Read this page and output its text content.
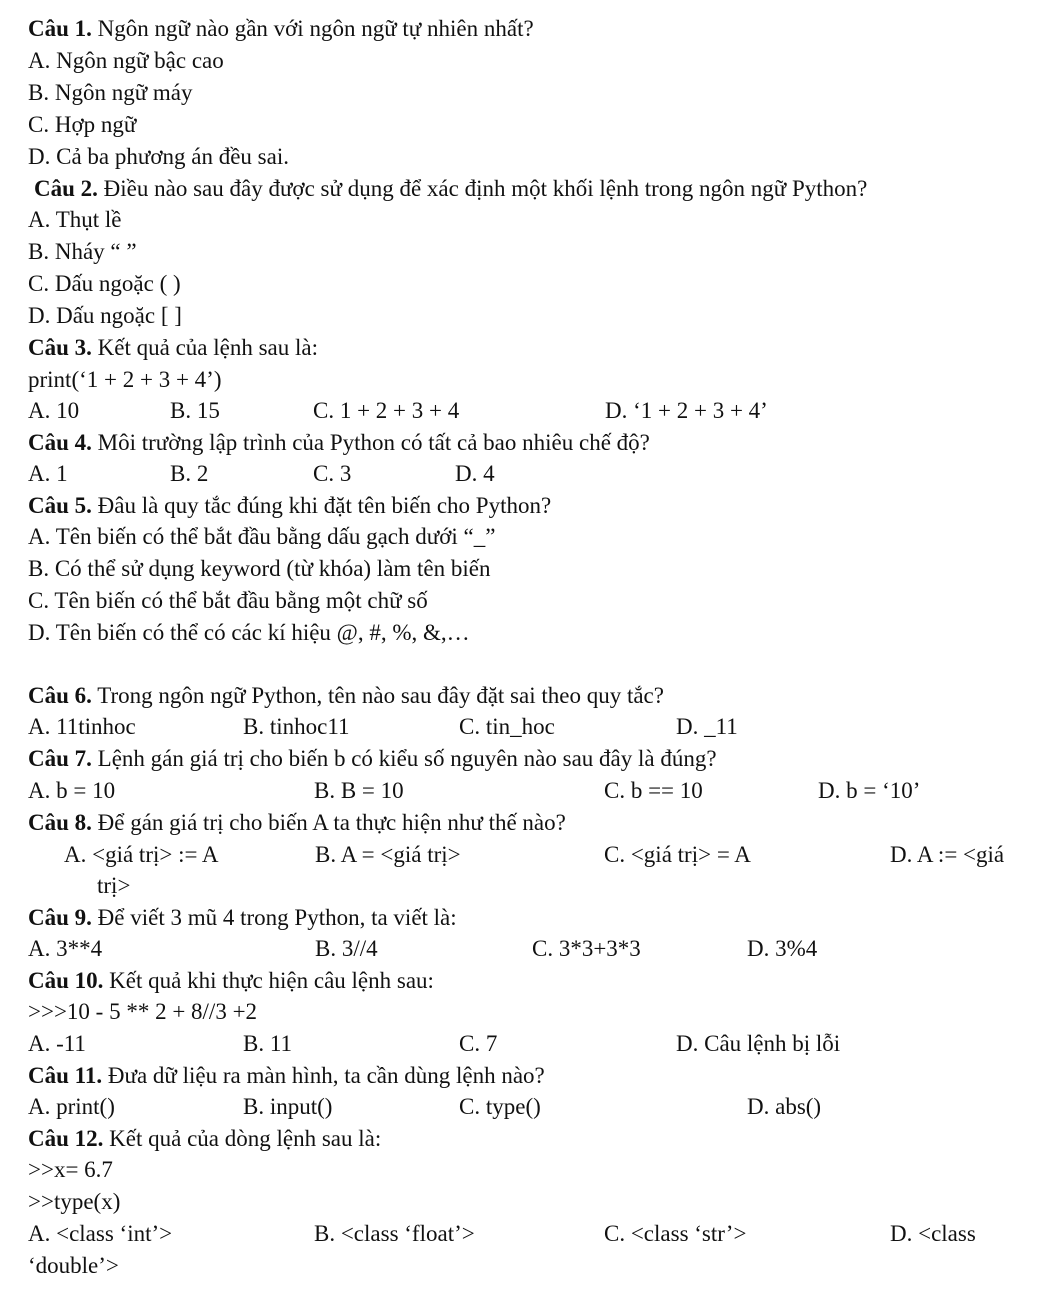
Câu 1. Ngôn ngữ nào gần với ngôn ngữ tự nhiên nhất?
A. Ngôn ngữ bậc cao
B. Ngôn ngữ máy
C. Hợp ngữ
D. Cả ba phương án đều sai.
Câu 2. Điều nào sau đây được sử dụng để xác định một khối lệnh trong ngôn ngữ Python?
A. Thụt lề
B. Nháy “ ”
C. Dấu ngoặc ( )
D. Dấu ngoặc [ ]
Câu 3. Kết quả của lệnh sau là:
print(‘1 + 2 + 3 + 4’)
A. 10	B. 15	C. 1 + 2 + 3 + 4	D. ‘1 + 2 + 3 + 4’
Câu 4. Môi trường lập trình của Python có tất cả bao nhiêu chế độ?
A. 1	B. 2	C. 3	D. 4
Câu 5. Đâu là quy tắc đúng khi đặt tên biến cho Python?
A. Tên biến có thể bắt đầu bằng dấu gạch dưới “_”
B. Có thể sử dụng keyword (từ khóa) làm tên biến
C. Tên biến có thể bắt đầu bằng một chữ số
D. Tên biến có thể có các kí hiệu @, #, %, &,…
Câu 6. Trong ngôn ngữ Python, tên nào sau đây đặt sai theo quy tắc?
A. 11tinhoc	B. tinhoc11	C. tin_hoc	D. _11
Câu 7. Lệnh gán giá trị cho biến b có kiểu số nguyên nào sau đây là đúng?
A. b = 10	B. B = 10	C. b == 10	D. b = ‘10’
Câu 8. Để gán giá trị cho biến A ta thực hiện như thế nào?
A. <giá trị> := A	B. A = <giá trị>	C. <giá trị> = A	D. A := <giá
trị>
Câu 9. Để viết 3 mũ 4 trong Python, ta viết là:
A. 3**4	B. 3//4	C. 3*3+3*3	D. 3%4
Câu 10. Kết quả khi thực hiện câu lệnh sau:
>>>10 - 5 ** 2 + 8//3 +2
A. -11	B. 11	C. 7	D. Câu lệnh bị lỗi
Câu 11. Đưa dữ liệu ra màn hình, ta cần dùng lệnh nào?
A. print()	B. input()	C. type()	D. abs()
Câu 12. Kết quả của dòng lệnh sau là:
>>x= 6.7
>>type(x)
A. <class ‘int’>	B. <class ‘float’>	C. <class ‘str’>	D. <class
‘double’>
